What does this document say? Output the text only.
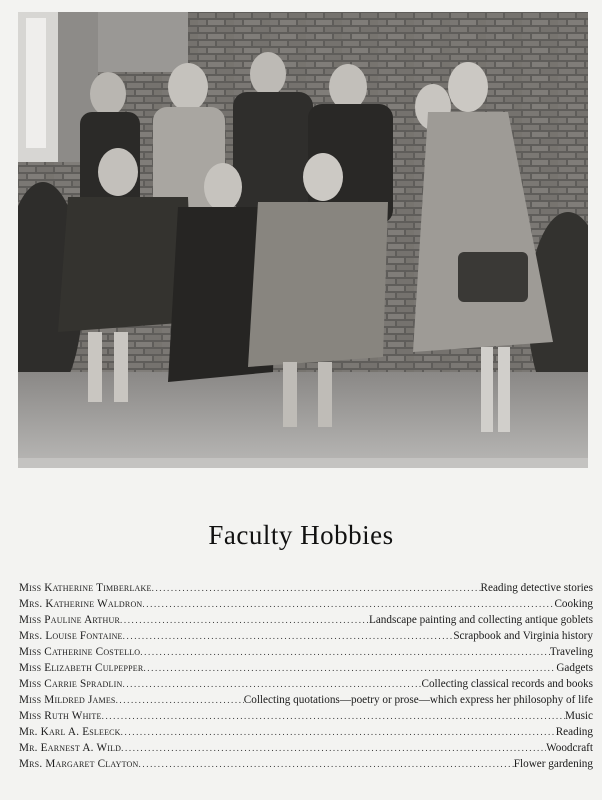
Faculty Hobbies
Miss Katherine Timberlake .....	Reading detective stories
Mrs. Katherine Waldron .....	Cooking
Miss Pauline Arthur .....	Landscape painting and collecting antique goblets
Mrs. Louise Fontaine .....	Scrapbook and Virginia history
Miss Catherine Costello .....	Traveling
Miss Elizabeth Culpepper .....	Gadgets
Miss Carrie Spradlin .....	Collecting classical records and books
Miss Mildred James .....	Collecting quotations—poetry or prose—which express her philosophy of life
Miss Ruth White .....	Music
Mr. Karl A. Esleeck .....	Reading
Mr. Earnest A. Wild .....	Woodcraft
Mrs. Margaret Clayton .....	Flower gardening
